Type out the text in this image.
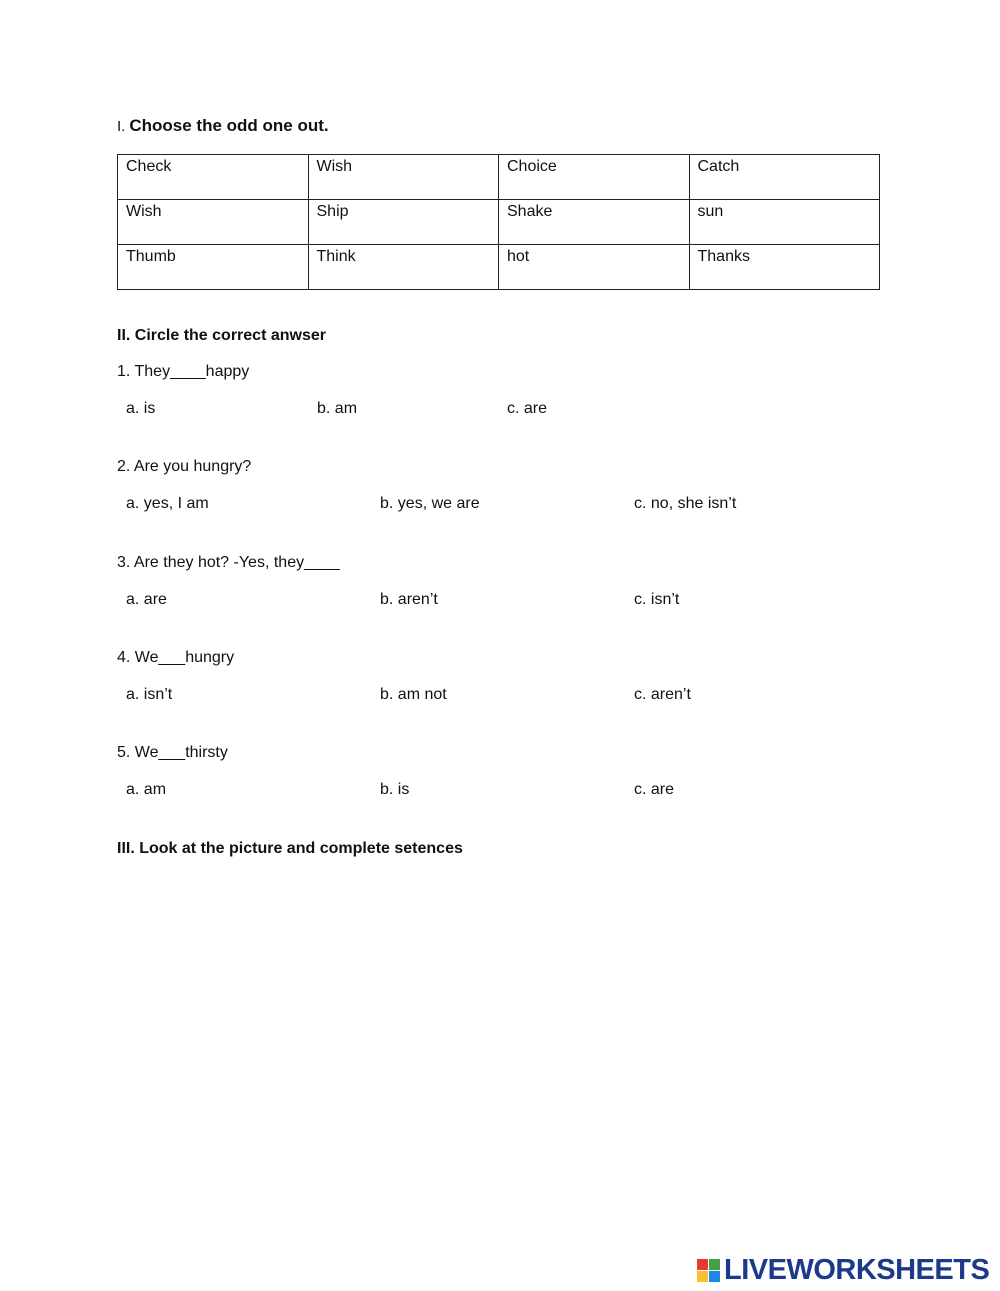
I. Choose the odd one out.
Check	Wish	Choice	Catch

Wish	Ship	Shake	sun

Thumb	Think	hot	Thanks
II. Circle the correct anwser
1. They____happy
a. is	b. am	c. are
2. Are you hungry?
a. yes, I am	b. yes, we are	c. no, she isn’t
3. Are they hot? -Yes, they____
a. are	b. aren’t	c. isn’t
4. We___hungry
a. isn’t	b. am not	c. aren’t
5. We___thirsty
a. am	b. is	c. are
III. Look at the picture and complete setences
LIVEWORKSHEETS
